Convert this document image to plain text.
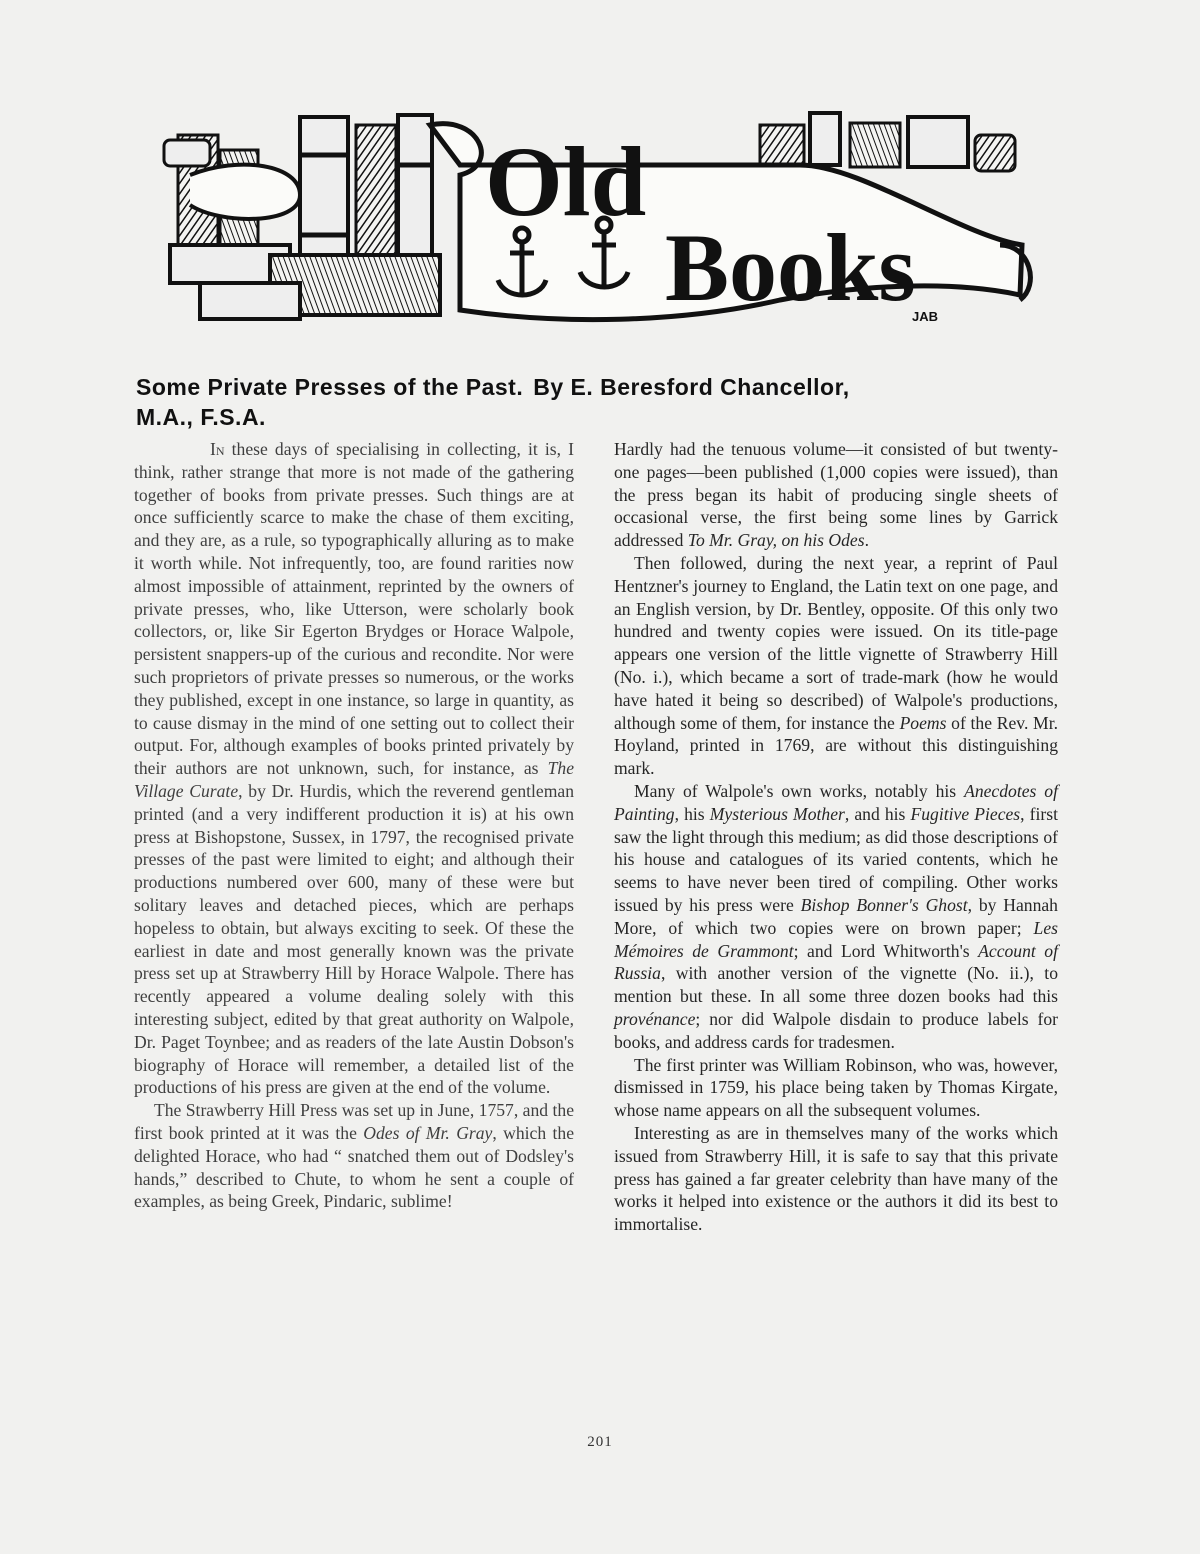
Old
Books
JAB
Some Private Presses of the Past. By E. Beresford Chancellor,
M.A., F.S.A.

In these days of specialising in collecting, it is, I think, rather strange that more is not made of the gathering together of books from private presses. Such things are at once sufficiently scarce to make the chase of them exciting, and they are, as a rule, so typographically alluring as to make it worth while. Not infrequently, too, are found rarities now almost impossible of attainment, reprinted by the owners of private presses, who, like Utterson, were scholarly book collectors, or, like Sir Egerton Brydges or Horace Walpole, persistent snappers-up of the curious and recondite. Nor were such proprietors of private presses so numerous, or the works they published, except in one instance, so large in quantity, as to cause dismay in the mind of one setting out to collect their output. For, although examples of books printed privately by their authors are not unknown, such, for instance, as The Village Curate, by Dr. Hurdis, which the reverend gentleman printed (and a very indifferent production it is) at his own press at Bishopstone, Sussex, in 1797, the recognised private presses of the past were limited to eight; and although their productions numbered over 600, many of these were but solitary leaves and detached pieces, which are perhaps hopeless to obtain, but always exciting to seek. Of these the earliest in date and most generally known was the private press set up at Strawberry Hill by Horace Walpole. There has recently appeared a volume dealing solely with this interesting subject, edited by that great authority on Walpole, Dr. Paget Toynbee; and as readers of the late Austin Dobson's biography of Horace will remember, a detailed list of the productions of his press are given at the end of the volume.

The Strawberry Hill Press was set up in June, 1757, and the first book printed at it was the Odes of Mr. Gray, which the delighted Horace, who had “ snatched them out of Dodsley's hands,” described to Chute, to whom he sent a couple of examples, as being Greek, Pindaric, sublime!

Hardly had the tenuous volume—it consisted of but twenty-one pages—been published (1,000 copies were issued), than the press began its habit of producing single sheets of occasional verse, the first being some lines by Garrick addressed To Mr. Gray, on his Odes.

Then followed, during the next year, a reprint of Paul Hentzner's journey to England, the Latin text on one page, and an English version, by Dr. Bentley, opposite. Of this only two hundred and twenty copies were issued. On its title-page appears one version of the little vignette of Strawberry Hill (No. i.), which became a sort of trade-mark (how he would have hated it being so described) of Walpole's productions, although some of them, for instance the Poems of the Rev. Mr. Hoyland, printed in 1769, are without this distinguishing mark.

Many of Walpole's own works, notably his Anecdotes of Painting, his Mysterious Mother, and his Fugitive Pieces, first saw the light through this medium; as did those descriptions of his house and catalogues of its varied contents, which he seems to have never been tired of compiling. Other works issued by his press were Bishop Bonner's Ghost, by Hannah More, of which two copies were on brown paper; Les Mémoires de Grammont; and Lord Whitworth's Account of Russia, with another version of the vignette (No. ii.), to mention but these. In all some three dozen books had this provénance; nor did Walpole disdain to produce labels for books, and address cards for tradesmen.

The first printer was William Robinson, who was, however, dismissed in 1759, his place being taken by Thomas Kirgate, whose name appears on all the subsequent volumes.

Interesting as are in themselves many of the works which issued from Strawberry Hill, it is safe to say that this private press has gained a far greater celebrity than have many of the works it helped into existence or the authors it did its best to immortalise.

201
